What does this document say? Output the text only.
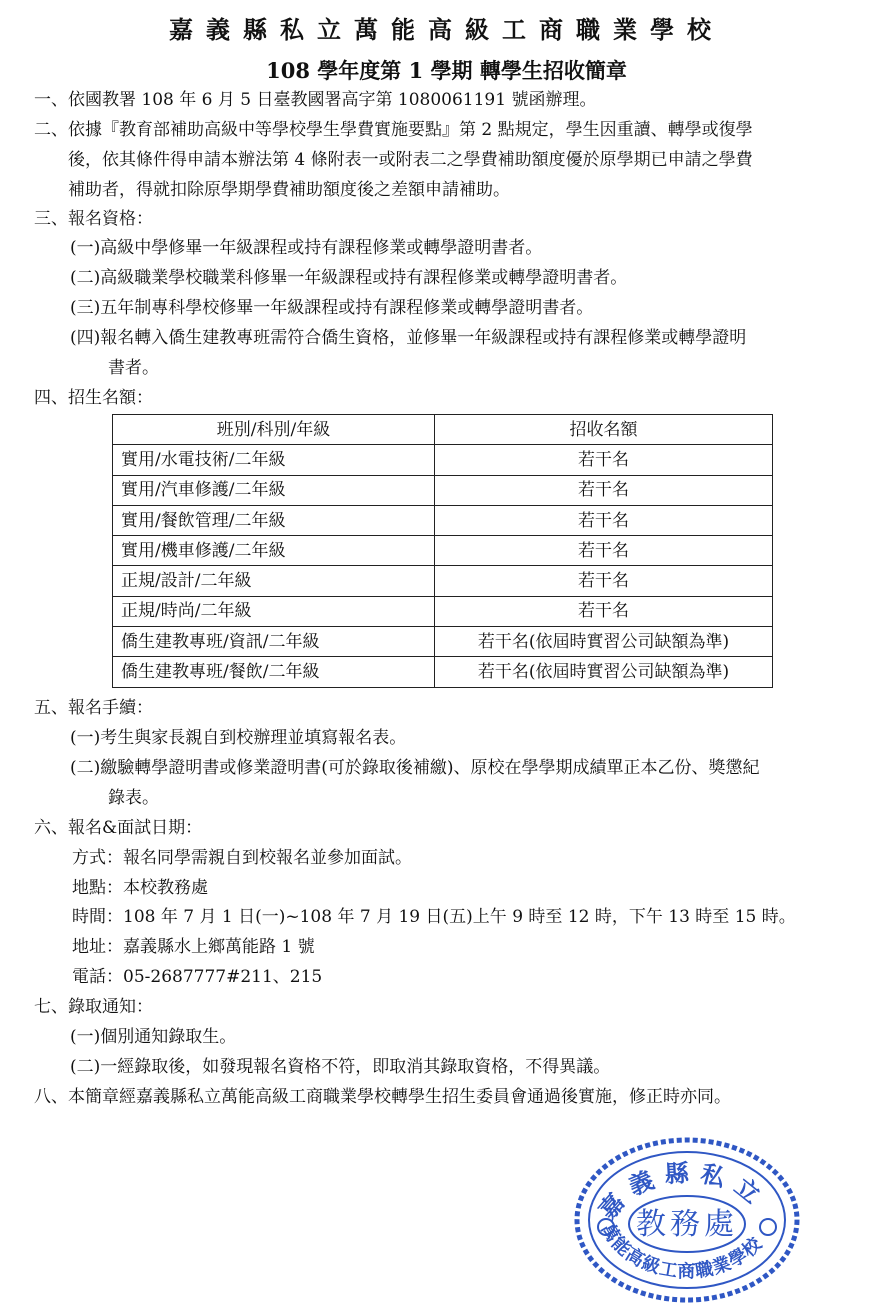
嘉義縣私立萬能高級工商職業學校
108 學年度第 1 學期 轉學生招收簡章
一、依國教署 108 年 6 月 5 日臺教國署高字第 1080061191 號函辦理。
二、依據『教育部補助高級中等學校學生學費實施要點』第 2 點規定，學生因重讀、轉學或復學
後，依其條件得申請本辦法第 4 條附表一或附表二之學費補助額度優於原學期已申請之學費
補助者，得就扣除原學期學費補助額度後之差額申請補助。
三、報名資格：
(一)高級中學修畢一年級課程或持有課程修業或轉學證明書者。
(二)高級職業學校職業科修畢一年級課程或持有課程修業或轉學證明書者。
(三)五年制專科學校修畢一年級課程或持有課程修業或轉學證明書者。
(四)報名轉入僑生建教專班需符合僑生資格，並修畢一年級課程或持有課程修業或轉學證明
書者。
四、招生名額：
班別/科別/年級	招收名額
實用/水電技術/二年級	若干名
實用/汽車修護/二年級	若干名
實用/餐飲管理/二年級	若干名
實用/機車修護/二年級	若干名
正規/設計/二年級	若干名
正規/時尚/二年級	若干名
僑生建教專班/資訊/二年級	若干名(依屆時實習公司缺額為準)
僑生建教專班/餐飲/二年級	若干名(依屆時實習公司缺額為準)
五、報名手續：
(一)考生與家長親自到校辦理並填寫報名表。
(二)繳驗轉學證明書或修業證明書(可於錄取後補繳)、原校在學學期成績單正本乙份、獎懲紀
錄表。
六、報名&面試日期：
方式：報名同學需親自到校報名並參加面試。
地點：本校教務處
時間：108 年 7 月 1 日(一)~108 年 7 月 19 日(五)上午 9 時至 12 時，下午 13 時至 15 時。
地址：嘉義縣水上鄉萬能路 1 號
電話：05-2687777#211、215
七、錄取通知：
(一)個別通知錄取生。
(二)一經錄取後，如發現報名資格不符，即取消其錄取資格，不得異議。
八、本簡章經嘉義縣私立萬能高級工商職業學校轉學生招生委員會通過後實施，修正時亦同。
嘉義縣私立
教務處
萬能高級工商職業學校
